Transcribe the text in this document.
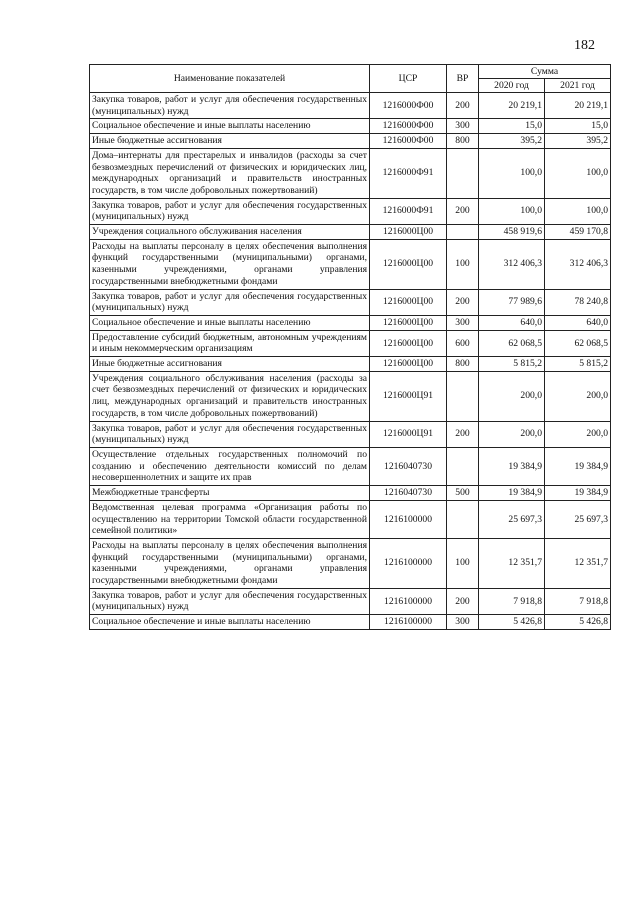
182
Наименование показателей	ЦСР	ВР	Сумма	
			2020 год	2021 год
Закупка товаров, работ и услуг для обеспечения государственных (муниципальных) нужд	1216000Ф00	200	20 219,1	20 219,1
Социальное обеспечение и иные выплаты населению	1216000Ф00	300	15,0	15,0
Иные бюджетные ассигнования	1216000Ф00	800	395,2	395,2
Дома–интернаты для престарелых и инвалидов (расходы за счет безвозмездных перечислений от физических и юридических лиц, международных организаций и правительств иностранных государств, в том числе добровольных пожертвований)	1216000Ф91		100,0	100,0
Закупка товаров, работ и услуг для обеспечения государственных (муниципальных) нужд	1216000Ф91	200	100,0	100,0
Учреждения социального обслуживания населения	1216000Ц00		458 919,6	459 170,8
Расходы на выплаты персоналу в целях обеспечения выполнения функций государственными (муниципальными) органами, казенными учреждениями, органами управления государственными внебюджетными фондами	1216000Ц00	100	312 406,3	312 406,3
Закупка товаров, работ и услуг для обеспечения государственных (муниципальных) нужд	1216000Ц00	200	77 989,6	78 240,8
Социальное обеспечение и иные выплаты населению	1216000Ц00	300	640,0	640,0
Предоставление субсидий бюджетным, автономным учреждениям и иным некоммерческим организациям	1216000Ц00	600	62 068,5	62 068,5
Иные бюджетные ассигнования	1216000Ц00	800	5 815,2	5 815,2
Учреждения социального обслуживания населения (расходы за счет безвозмездных перечислений от физических и юридических лиц, международных организаций и правительств иностранных государств, в том числе добровольных пожертвований)	1216000Ц91		200,0	200,0
Закупка товаров, работ и услуг для обеспечения государственных (муниципальных) нужд	1216000Ц91	200	200,0	200,0
Осуществление отдельных государственных полномочий по созданию и обеспечению деятельности комиссий по делам несовершеннолетних и защите их прав	1216040730		19 384,9	19 384,9
Межбюджетные трансферты	1216040730	500	19 384,9	19 384,9
Ведомственная целевая программа «Организация работы по осуществлению на территории Томской области государственной семейной политики»	1216100000		25 697,3	25 697,3
Расходы на выплаты персоналу в целях обеспечения выполнения функций государственными (муниципальными) органами, казенными учреждениями, органами управления государственными внебюджетными фондами	1216100000	100	12 351,7	12 351,7
Закупка товаров, работ и услуг для обеспечения государственных (муниципальных) нужд	1216100000	200	7 918,8	7 918,8
Социальное обеспечение и иные выплаты населению	1216100000	300	5 426,8	5 426,8
